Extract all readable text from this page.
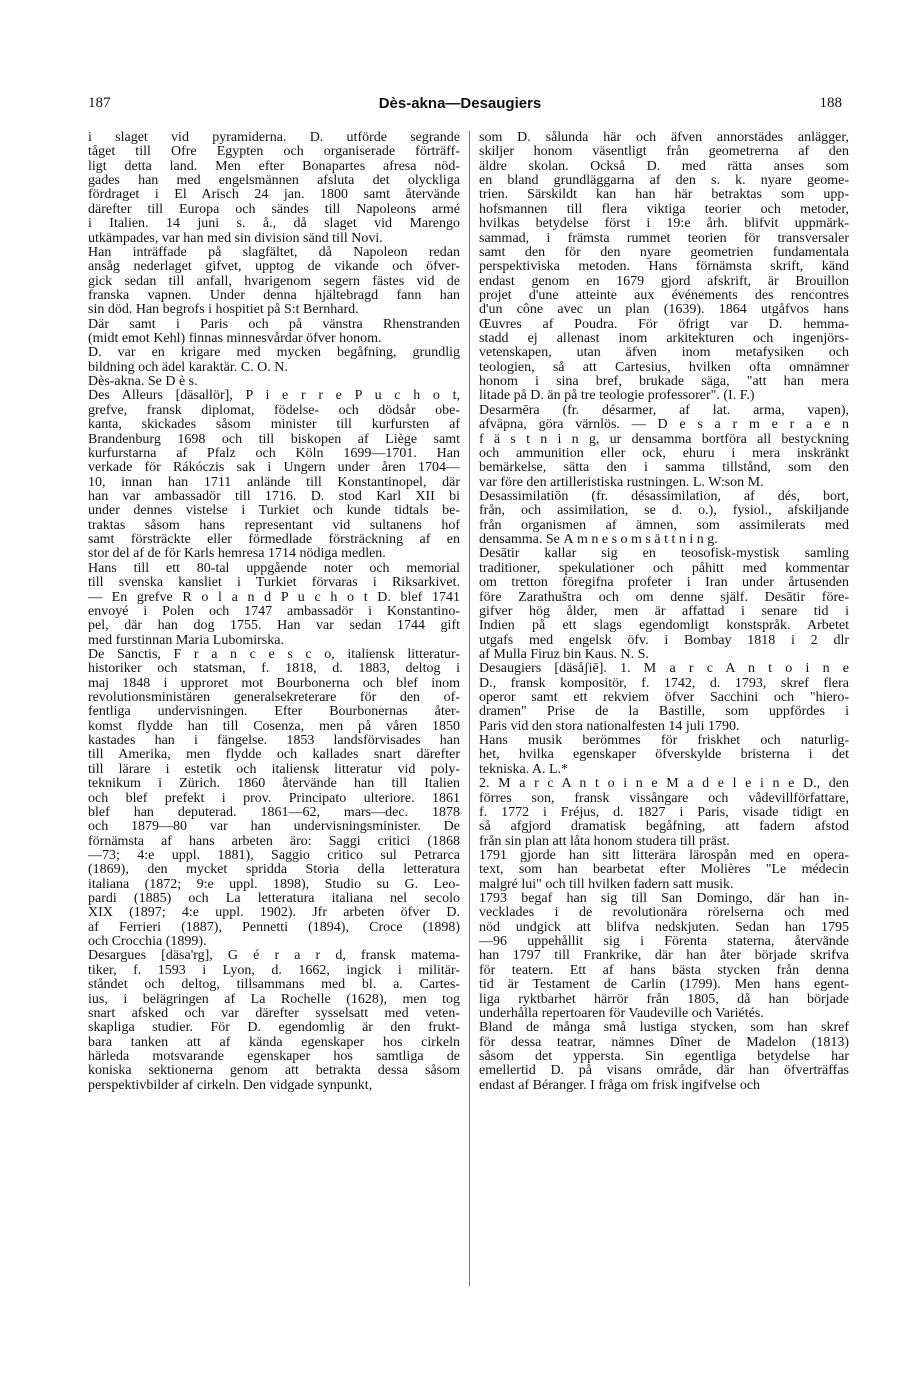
187	Dès-akna—Desaugiers	188
i slaget vid pyramiderna. D. utförde segrande
tåget till Öfre Egypten och organiserade förträff-
ligt detta land. Men efter Bonapartes afresa nöd-
gades han med engelsmännen afsluta det olyckliga
fördraget i El Arisch 24 jan. 1800 samt återvände
därefter till Europa och sändes till Napoleons armé
i Italien. 14 juni s. å., då slaget vid Marengo
utkämpades, var han med sin division sänd till Novi.
Han inträffade på slagfältet, då Napoleon redan
ansåg nederlaget gifvet, upptog de vikande och öfver-
gick sedan till anfall, hvarigenom segern fästes vid de
franska vapnen. Under denna hjältebragd fann han
sin död. Han begrofs i hospitiet på S:t Bernhard.
Där samt i Paris och på vänstra Rhenstranden
(midt emot Kehl) finnas minnesvårdar öfver honom.
D. var en krigare med mycken begåfning, grundlig
bildning och ädel karaktär. C. O. N.
Dès-akna. Se D è s.
Des Alleurs [däsallör], P i e r r e P u c h o t,
grefve, fransk diplomat, födelse- och dödsår obe-
kanta, skickades såsom minister till kurfursten af
Brandenburg 1698 och till biskopen af Liège samt
kurfurstarna af Pfalz och Köln 1699—1701. Han
verkade för Rákóczis sak i Ungern under åren 1704—
10, innan han 1711 anlände till Konstantinopel, där
han var ambassadör till 1716. D. stod Karl XII bi
under dennes vistelse i Turkiet och kunde tidtals be-
traktas såsom hans representant vid sultanens hof
samt försträckte eller förmedlade försträckning af en
stor del af de för Karls hemresa 1714 nödiga medlen.
Hans till ett 80-tal uppgående noter och memorial
till svenska kansliet i Turkiet förvaras i Riksarkivet.
— En grefve R o l a n d P u c h o t D. blef 1741
envoyé i Polen och 1747 ambassadör i Konstantino-
pel, där han dog 1755. Han var sedan 1744 gift
med furstinnan Maria Lubomirska.
De Sanctis, F r a n c e s c o, italiensk litteratur-
historiker och statsman, f. 1818, d. 1883, deltog i
maj 1848 i upproret mot Bourbonerna och blef inom
revolutionsministären generalsekreterare för den of-
fentliga undervisningen. Efter Bourbonernas åter-
komst flydde han till Cosenza, men på våren 1850
kastades han i fängelse. 1853 landsförvisades han
till Amerika, men flydde och kallades snart därefter
till lärare i estetik och italiensk litteratur vid poly-
teknikum i Zürich. 1860 återvände han till Italien
och blef prefekt i prov. Principato ulteriore. 1861
blef han deputerad. 1861—62, mars—dec. 1878
och 1879—80 var han undervisningsminister. De
förnämsta af hans arbeten äro: Saggi critici (1868
—73; 4:e uppl. 1881), Saggio critico sul Petrarca
(1869), den mycket spridda Storia della letteratura
italiana (1872; 9:e uppl. 1898), Studio su G. Leo-
pardi (1885) och La letteratura italiana nel secolo
XIX (1897; 4:e uppl. 1902). Jfr arbeten öfver D.
af Ferrieri (1887), Pennetti (1894), Croce (1898)
och Crocchia (1899).
Desargues [däsa'rg], G é r a r d, fransk matema-
tiker, f. 1593 i Lyon, d. 1662, ingick i militär-
ståndet och deltog, tillsammans med bl. a. Cartes-
ius, i belägringen af La Rochelle (1628), men tog
snart afsked och var därefter sysselsatt med veten-
skapliga studier. För D. egendomlig är den frukt-
bara tanken att af kända egenskaper hos cirkeln
härleda motsvarande egenskaper hos samtliga de
koniska sektionerna genom att betrakta dessa såsom
perspektivbilder af cirkeln. Den vidgade synpunkt,
som D. sålunda här och äfven annorstädes anlägger,
skiljer honom väsentligt från geometrerna af den
äldre skolan. Också D. med rätta anses som
en bland grundläggarna af den s. k. nyare geome-
trien. Särskildt kan han här betraktas som upp-
hofsmannen till flera viktiga teorier och metoder,
hvilkas betydelse först i 19:e årh. blifvit uppmärk-
sammad, i främsta rummet teorien för transversaler
samt den för den nyare geometrien fundamentala
perspektiviska metoden. Hans förnämsta skrift, känd
endast genom en 1679 gjord afskrift, är Brouillon
projet d'une atteinte aux événements des rencontres
d'un cône avec un plan (1639). 1864 utgåfvos hans
Œuvres af Poudra. För öfrigt var D. hemma-
stadd ej allenast inom arkitekturen och ingenjörs-
vetenskapen, utan äfven inom metafysiken och
teologien, så att Cartesius, hvilken ofta omnämner
honom i sina bref, brukade säga, "att han mera
litade på D. än på tre teologie professorer". (I. F.)
Desarmēra (fr. désarmer, af lat. arma, vapen),
afväpna, göra värnlös. — D e s a r m e r a e n
f ä s t n i n g, ur densamma bortföra all bestyckning
och ammunition eller ock, ehuru i mera inskränkt
bemärkelse, sätta den i samma tillstånd, som den
var före den artilleristiska rustningen. L. W:son M.
Desassimilatiōn (fr. désassimilation, af dés, bort,
från, och assimilation, se d. o.), fysiol., afskiljande
från organismen af ämnen, som assimilerats med
densamma. Se Ä m n e s o m s ä t t n i n g.
Desātir kallar sig en teosofisk-mystisk samling
traditioner, spekulationer och påhitt med kommentar
om tretton föregifna profeter i Iran under årtusenden
före Zarathuštra och om denne själf. Desātir före-
gifver hög ålder, men är affattad i senare tid i
Indien på ett slags egendomligt konstspråk. Arbetet
utgafs med engelsk öfv. i Bombay 1818 i 2 dlr
af Mulla Firuz bin Kaus. N. S.
Desaugiers [däsåʃiē]. 1. M a r c A n t o i n e
D., fransk kompositör, f. 1742, d. 1793, skref flera
operor samt ett rekviem öfver Sacchini och "hiero-
dramen" Prise de la Bastille, som uppfördes i
Paris vid den stora nationalfesten 14 juli 1790.
Hans musik berömmes för friskhet och naturlig-
het, hvilka egenskaper öfverskylde bristerna i det
tekniska. A. L.*
2. M a r c A n t o i n e M a d e l e i n e D., den
förres son, fransk vissångare och vådevillförfattare,
f. 1772 i Fréjus, d. 1827 i Paris, visade tidigt en
så afgjord dramatisk begåfning, att fadern afstod
från sin plan att låta honom studera till präst.
1791 gjorde han sitt litterära lärospån med en opera-
text, som han bearbetat efter Molières "Le médecin
malgré lui" och till hvilken fadern satt musik.
1793 begaf han sig till San Domingo, där han in-
vecklades i de revolutionära rörelserna och med
nöd undgick att blifva nedskjuten. Sedan han 1795
—96 uppehållit sig i Förenta staterna, återvände
han 1797 till Frankrike, där han åter började skrifva
för teatern. Ett af hans bästa stycken från denna
tid är Testament de Carlin (1799). Men hans egent-
liga ryktbarhet härrör från 1805, då han började
underhålla repertoaren för Vaudeville och Variétés.
Bland de många små lustiga stycken, som han skref
för dessa teatrar, nämnes Dîner de Madelon (1813)
såsom det yppersta. Sin egentliga betydelse har
emellertid D. på visans område, där han öfverträffas
endast af Béranger. I fråga om frisk ingifvelse och
